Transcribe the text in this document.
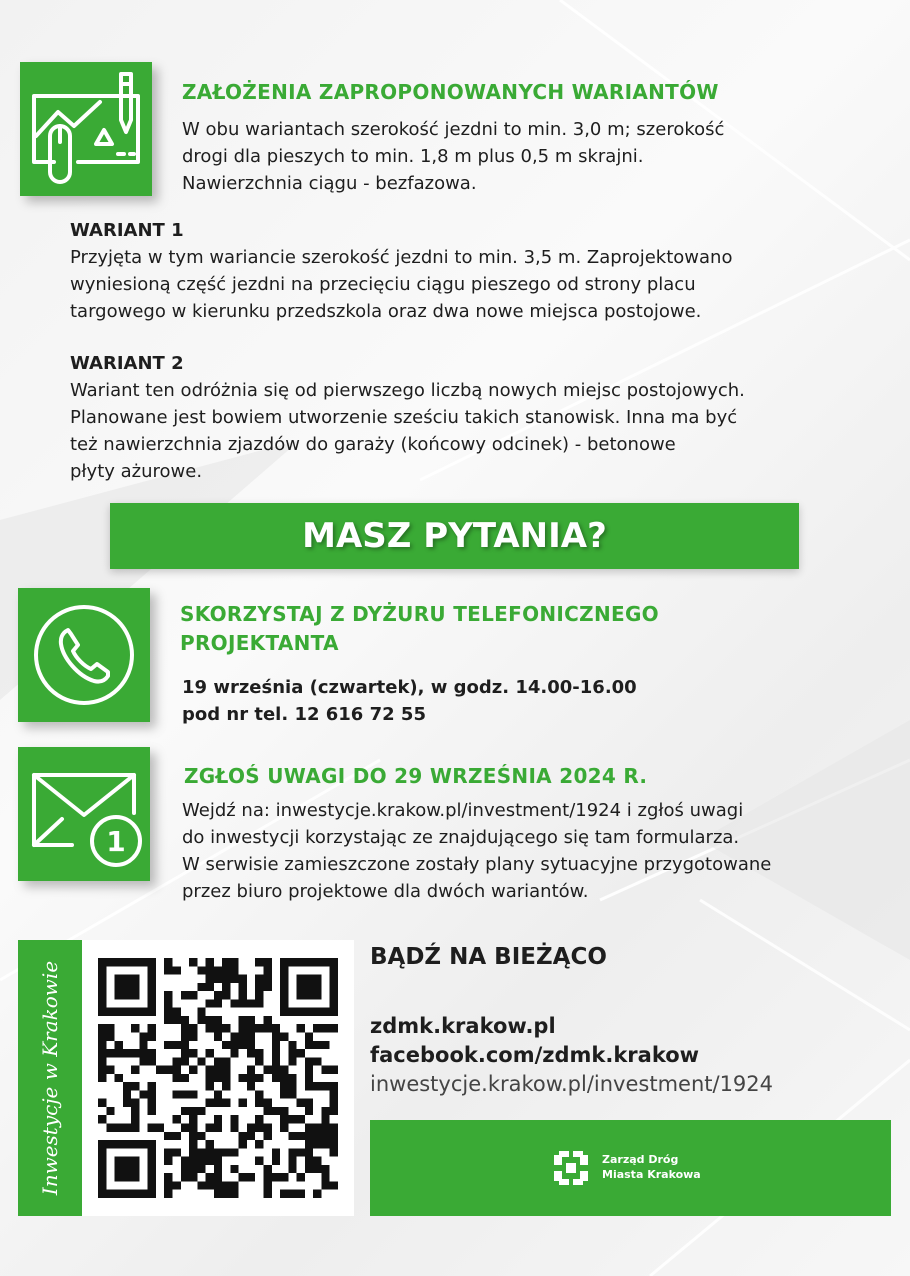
ZAŁOŻENIA ZAPROPONOWANYCH WARIANTÓW

W obu wariantach szerokość jezdni to min. 3,0 m; szerokość

drogi dla pieszych to min. 1,8 m plus 0,5 m skrajni.

Nawierzchnia ciągu - bezfazowa.

WARIANT 1

Przyjęta w tym wariancie szerokość jezdni to min. 3,5 m. Zaprojektowano

wyniesioną część jezdni na przecięciu ciągu pieszego od strony placu

targowego w kierunku przedszkola oraz dwa nowe miejsca postojowe.

WARIANT 2

Wariant ten odróżnia się od pierwszego liczbą nowych miejsc postojowych.

Planowane jest bowiem utworzenie sześciu takich stanowisk. Inna ma być

też nawierzchnia zjazdów do garaży (końcowy odcinek) - betonowe

płyty ażurowe.

MASZ PYTANIA?

SKORZYSTAJ Z DYŻURU TELEFONICZNEGO

PROJEKTANTA

19 września (czwartek), w godz. 14.00-16.00

pod nr tel. 12 616 72 55

1
ZGŁOŚ UWAGI DO 29 WRZEŚNIA 2024 R.

Wejdź na: inwestycje.krakow.pl/investment/1924 i zgłoś uwagi

do inwestycji korzystając ze znajdującego się tam formularza.

W serwisie zamieszczone zostały plany sytuacyjne przygotowane

przez biuro projektowe dla dwóch wariantów.

Inwestycje w Krakowie
BĄDŹ NA BIEŻĄCO

zdmk.krakow.pl

facebook.com/zdmk.krakow

inwestycje.krakow.pl/investment/1924

Zarząd Dróg
Miasta Krakowa
